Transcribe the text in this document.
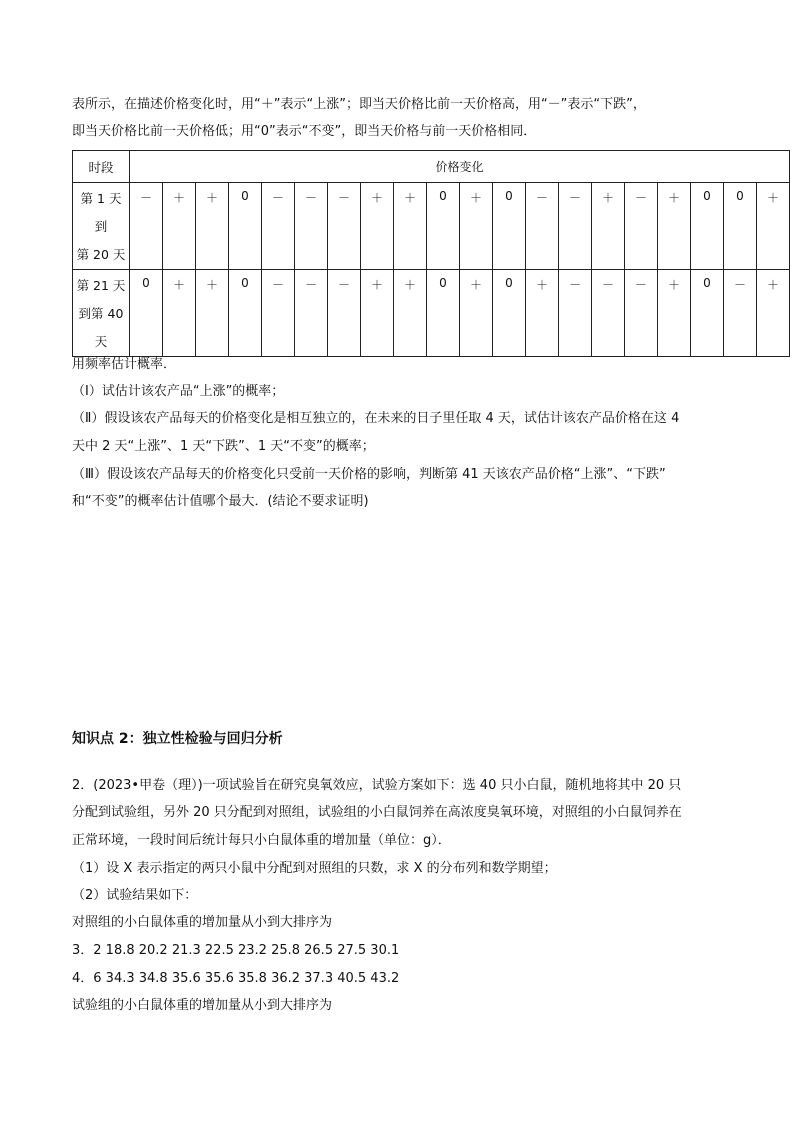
表所示，在描述价格变化时，用“＋”表示“上涨”；即当天价格比前一天价格高，用“－”表示“下跌”，
即当天价格比前一天价格低；用“0”表示“不变”，即当天价格与前一天价格相同．
时段	价格变化																			

第 1 天
到
第 20 天	－	＋	＋	0	－	－	－	＋	＋	0	＋	0	－	－	＋	－	＋	0	0	＋

第 21 天
到第 40
天	0	＋	＋	0	－	－	－	＋	＋	0	＋	0	＋	－	－	－	＋	0	－	＋
用频率估计概率．
（Ⅰ）试估计该农产品“上涨”的概率；
（Ⅱ）假设该农产品每天的价格变化是相互独立的，在未来的日子里任取 4 天，试估计该农产品价格在这 4
天中 2 天“上涨”、1 天“下跌”、1 天“不变”的概率；
（Ⅲ）假设该农产品每天的价格变化只受前一天价格的影响，判断第 41 天该农产品价格“上涨”、“下跌”
和“不变”的概率估计值哪个最大．(结论不要求证明)
知识点 2：独立性检验与回归分析
2．(2023•甲卷（理）)一项试验旨在研究臭氧效应，试验方案如下：选 40 只小白鼠，随机地将其中 20 只
分配到试验组，另外 20 只分配到对照组，试验组的小白鼠饲养在高浓度臭氧环境，对照组的小白鼠饲养在
正常环境，一段时间后统计每只小白鼠体重的增加量（单位：g）．
（1）设 X 表示指定的两只小鼠中分配到对照组的只数，求 X 的分布列和数学期望；
（2）试验结果如下：
对照组的小白鼠体重的增加量从小到大排序为
3．2 18.8 20.2 21.3 22.5 23.2 25.8 26.5 27.5 30.1
4．6 34.3 34.8 35.6 35.6 35.8 36.2 37.3 40.5 43.2
试验组的小白鼠体重的增加量从小到大排序为
